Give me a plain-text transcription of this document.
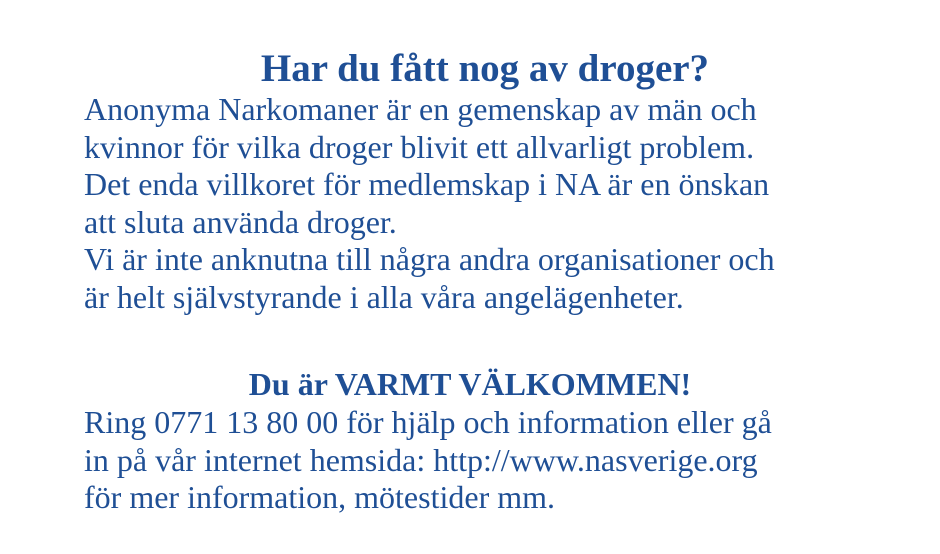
Har du fått nog av droger?

Anonyma Narkomaner är en gemenskap av män och
kvinnor för vilka droger blivit ett allvarligt problem.
Det enda villkoret för medlemskap i NA är en önskan
att sluta använda droger.
Vi är inte anknutna till några andra organisationer och
är helt självstyrande i alla våra angelägenheter.

Du är VARMT VÄLKOMMEN!

Ring 0771 13 80 00 för hjälp och information eller gå
in på vår internet hemsida: http://www.nasverige.org
för mer information, mötestider mm.
